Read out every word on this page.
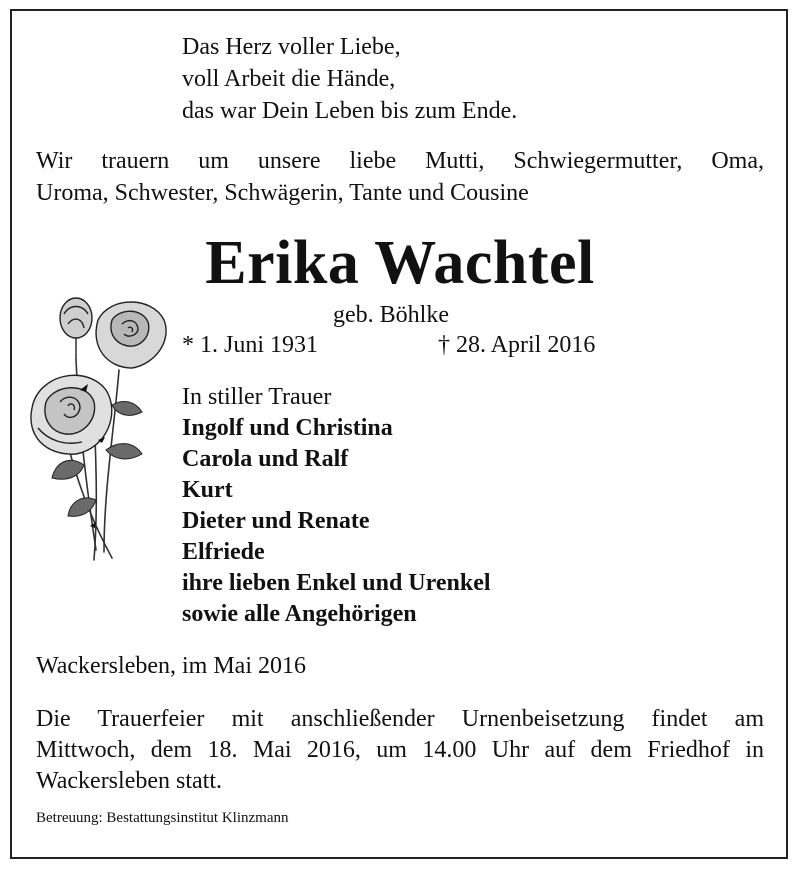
Das Herz voller Liebe,
voll Arbeit die Hände,
das war Dein Leben bis zum Ende.
Wir trauern um unsere liebe Mutti, Schwiegermutter, Oma,
Uroma, Schwester, Schwägerin, Tante und Cousine
Erika Wachtel
geb. Böhlke
* 1. Juni 1931	† 28. April 2016
In stiller Trauer
Ingolf und Christina
Carola und Ralf
Kurt
Dieter und Renate
Elfriede
ihre lieben Enkel und Urenkel
sowie alle Angehörigen
Wackersleben, im Mai 2016
Die Trauerfeier mit anschließender Urnenbeisetzung findet am
Mittwoch, dem 18. Mai 2016, um 14.00 Uhr auf dem Friedhof in
Wackersleben statt.
Betreuung: Bestattungsinstitut Klinzmann
